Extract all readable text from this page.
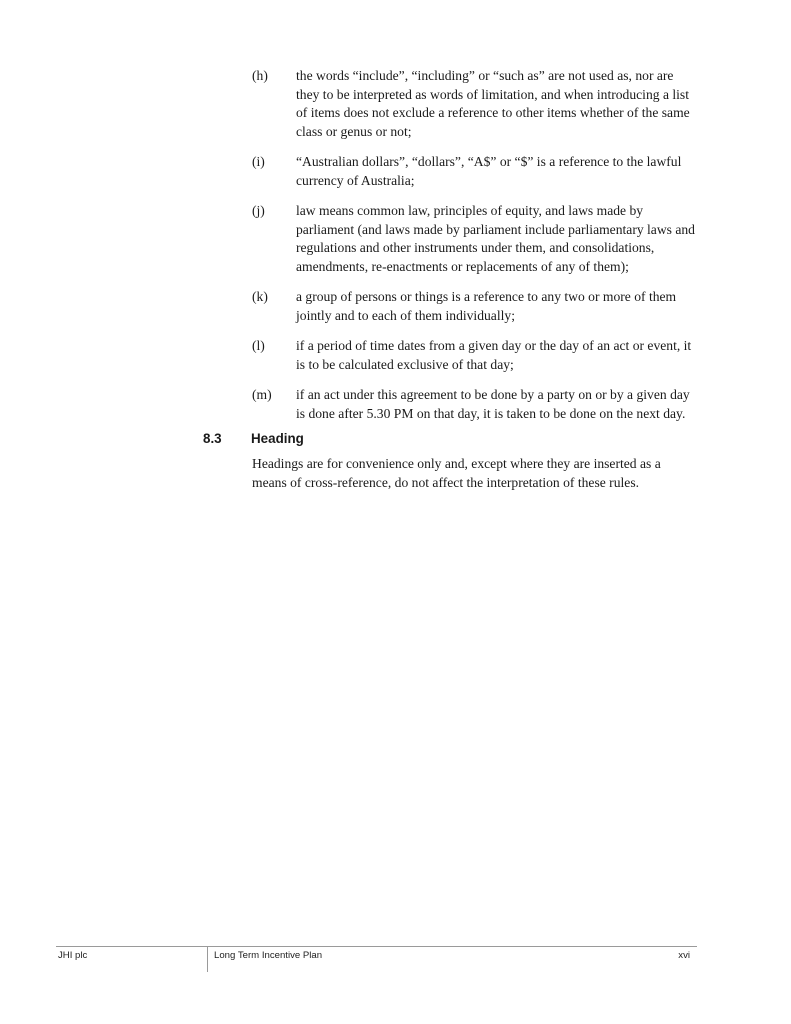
(h) the words “include”, “including” or “such as” are not used as, nor are they to be interpreted as words of limitation, and when introducing a list of items does not exclude a reference to other items whether of the same class or genus or not;
(i) “Australian dollars”, “dollars”, “A$” or “$” is a reference to the lawful currency of Australia;
(j) law means common law, principles of equity, and laws made by parliament (and laws made by parliament include parliamentary laws and regulations and other instruments under them, and consolidations, amendments, re-enactments or replacements of any of them);
(k) a group of persons or things is a reference to any two or more of them jointly and to each of them individually;
(l) if a period of time dates from a given day or the day of an act or event, it is to be calculated exclusive of that day;
(m) if an act under this agreement to be done by a party on or by a given day is done after 5.30 PM on that day, it is taken to be done on the next day.
8.3 Heading
Headings are for convenience only and, except where they are inserted as a means of cross-reference, do not affect the interpretation of these rules.
JHI plc	Long Term Incentive Plan	xvi
